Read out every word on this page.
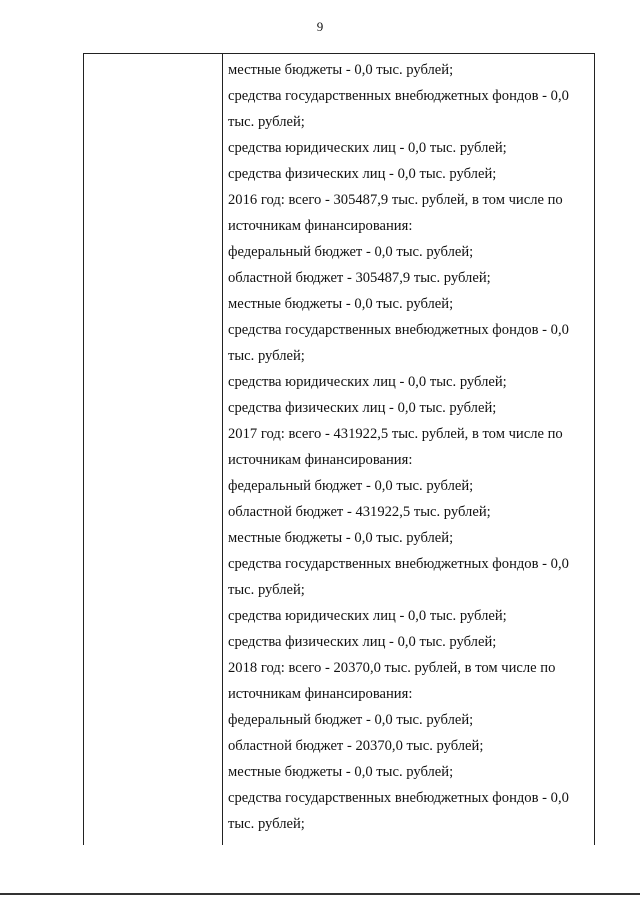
9
местные бюджеты - 0,0 тыс. рублей;
средства государственных внебюджетных фондов - 0,0
тыс. рублей;
средства юридических лиц - 0,0 тыс. рублей;
средства физических лиц - 0,0 тыс. рублей;
2016 год: всего - 305487,9 тыс. рублей, в том числе по
источникам финансирования:
федеральный бюджет - 0,0 тыс. рублей;
областной бюджет - 305487,9 тыс. рублей;
местные бюджеты - 0,0 тыс. рублей;
средства государственных внебюджетных фондов - 0,0
тыс. рублей;
средства юридических лиц - 0,0 тыс. рублей;
средства физических лиц - 0,0 тыс. рублей;
2017 год: всего - 431922,5 тыс. рублей, в том числе по
источникам финансирования:
федеральный бюджет - 0,0 тыс. рублей;
областной бюджет - 431922,5 тыс. рублей;
местные бюджеты - 0,0 тыс. рублей;
средства государственных внебюджетных фондов - 0,0
тыс. рублей;
средства юридических лиц - 0,0 тыс. рублей;
средства физических лиц - 0,0 тыс. рублей;
2018 год: всего - 20370,0 тыс. рублей, в том числе по
источникам финансирования:
федеральный бюджет - 0,0 тыс. рублей;
областной бюджет - 20370,0 тыс. рублей;
местные бюджеты - 0,0 тыс. рублей;
средства государственных внебюджетных фондов - 0,0
тыс. рублей;
